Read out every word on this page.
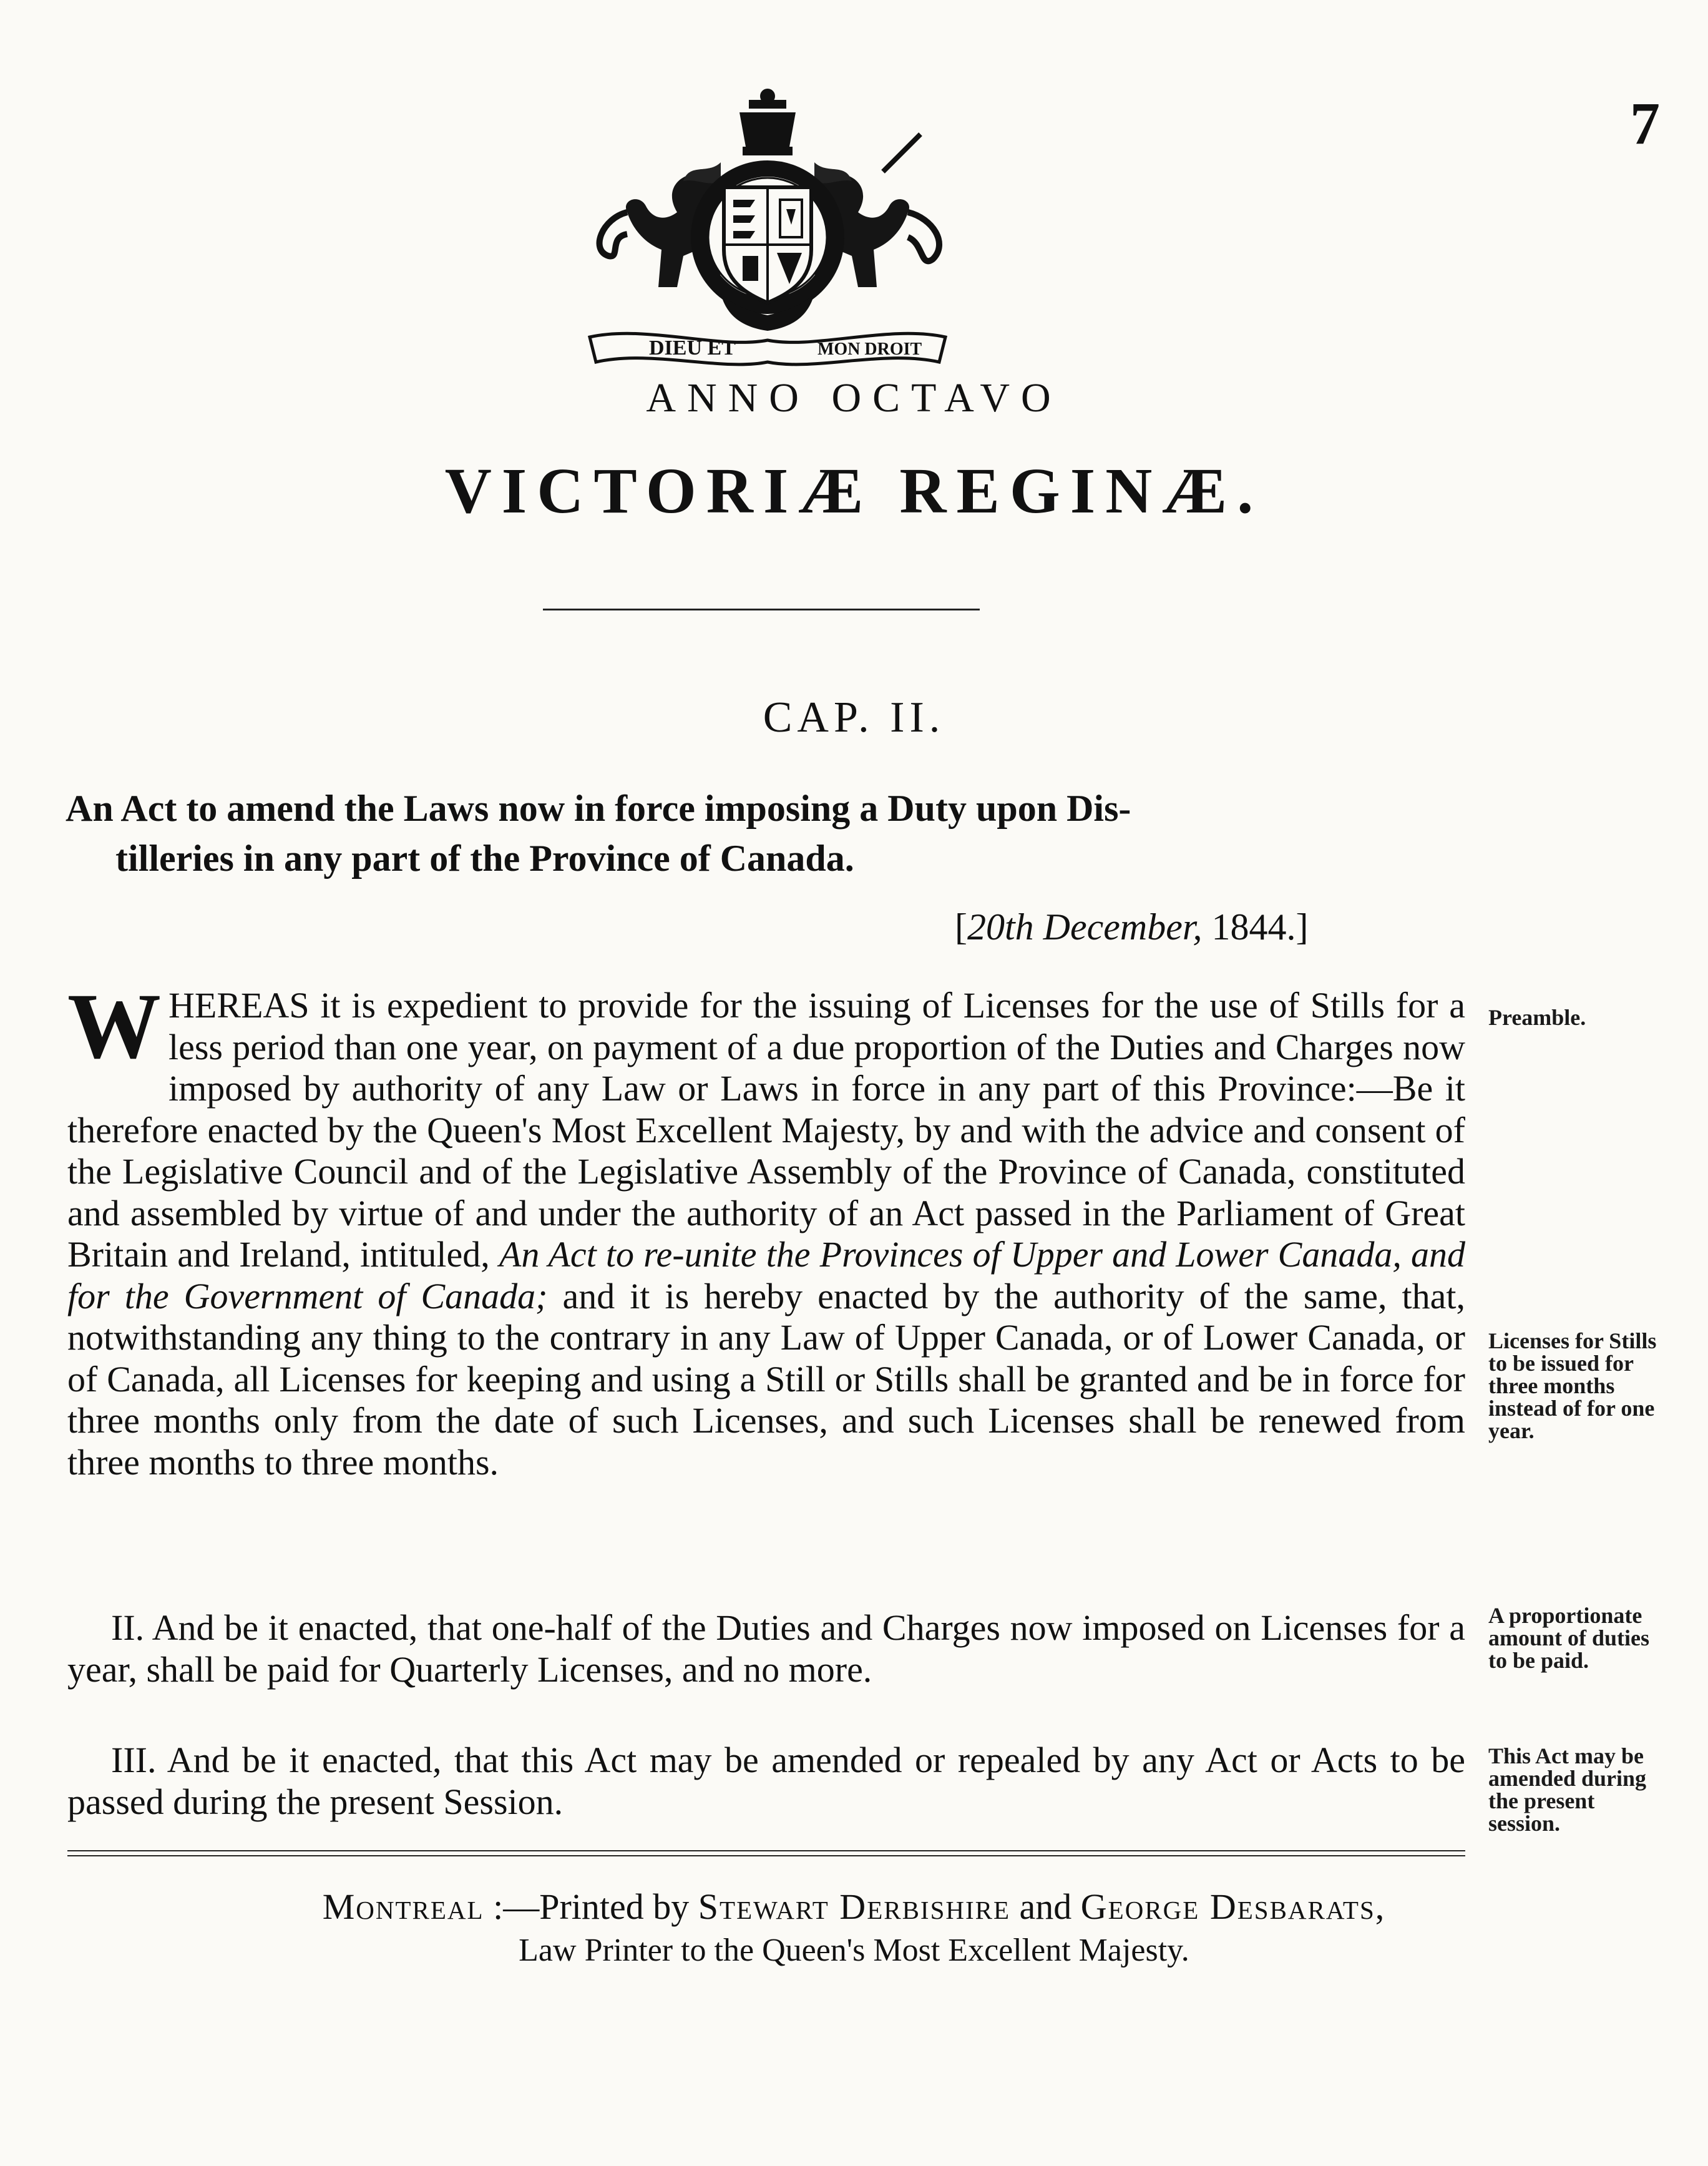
7
DIEU ET	MON DROIT
ANNO OCTAVO
VICTORIÆ REGINÆ.
CAP. II.
An Act to amend the Laws now in force imposing a Duty upon Dis-
tilleries in any part of the Province of Canada.
[20th December, 1844.]
WHEREAS it is expedient to provide for the issuing of Licenses for the use of Stills for a less period than one year, on payment of a due proportion of the Duties and Charges now imposed by authority of any Law or Laws in force in any part of this Province:—Be it therefore enacted by the Queen's Most Excellent Majesty, by and with the advice and consent of the Legislative Council and of the Legislative Assembly of the Province of Canada, constituted and assembled by virtue of and under the authority of an Act passed in the Parliament of Great Britain and Ireland, intituled, An Act to re-unite the Provinces of Upper and Lower Canada, and for the Government of Canada; and it is hereby enacted by the authority of the same, that, notwithstanding any thing to the contrary in any Law of Upper Canada, or of Lower Canada, or of Canada, all Licenses for keeping and using a Still or Stills shall be granted and be in force for three months only from the date of such Licenses, and such Licenses shall be renewed from three months to three months.
II. And be it enacted, that one-half of the Duties and Charges now imposed on Licenses for a year, shall be paid for Quarterly Licenses, and no more.
III. And be it enacted, that this Act may be amended or repealed by any Act or Acts to be passed during the present Session.
Preamble.
Licenses for Stills to be issued for three months instead of for one year.
A proportionate amount of duties to be paid.
This Act may be amended during the present session.
Montreal :—Printed by Stewart Derbishire and George Desbarats,
Law Printer to the Queen's Most Excellent Majesty.
